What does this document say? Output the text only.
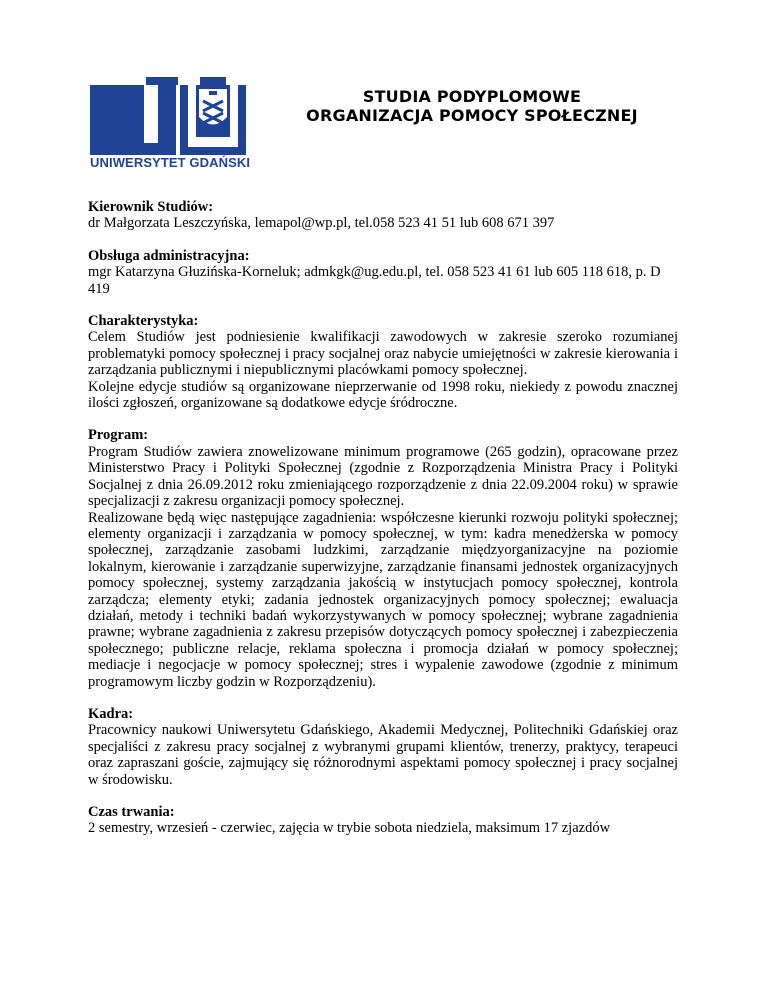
UNIWERSYTET GDAŃSKI
STUDIA PODYPLOMOWE
ORGANIZACJA POMOCY SPOŁECZNEJ
Kierownik Studiów:

dr Małgorzata Leszczyńska, lemapol@wp.pl, tel.058 523 41 51 lub 608 671 397

Obsługa administracyjna:

mgr Katarzyna Głuzińska-Korneluk; admkgk@ug.edu.pl, tel. 058 523 41 61 lub 605 118 618, p. D 419

Charakterystyka:

Celem Studiów jest podniesienie kwalifikacji zawodowych w zakresie szeroko rozumianej problematyki pomocy społecznej i pracy socjalnej oraz nabycie umiejętności w zakresie kierowania i zarządzania publicznymi i niepublicznymi placówkami pomocy społecznej.

Kolejne edycje studiów są organizowane nieprzerwanie od 1998 roku, niekiedy z powodu znacznej ilości zgłoszeń, organizowane są dodatkowe edycje śródroczne.

Program:

Program Studiów zawiera znowelizowane minimum programowe (265 godzin), opracowane przez Ministerstwo Pracy i Polityki Społecznej (zgodnie z Rozporządzenia Ministra Pracy i Polityki Socjalnej z dnia 26.09.2012 roku zmieniającego rozporządzenie z dnia 22.09.2004 roku) w sprawie specjalizacji z zakresu organizacji pomocy społecznej.

Realizowane będą więc następujące zagadnienia: współczesne kierunki rozwoju polityki społecznej; elementy organizacji i zarządzania w pomocy społecznej, w tym: kadra menedżerska w pomocy społecznej, zarządzanie zasobami ludzkimi, zarządzanie międzyorganizacyjne na poziomie lokalnym, kierowanie i zarządzanie superwizyjne, zarządzanie finansami jednostek organizacyjnych pomocy społecznej, systemy zarządzania jakością w instytucjach pomocy społecznej, kontrola zarządcza; elementy etyki; zadania jednostek organizacyjnych pomocy społecznej; ewaluacja działań, metody i techniki badań wykorzystywanych w pomocy społecznej; wybrane zagadnienia prawne; wybrane zagadnienia z zakresu przepisów dotyczących pomocy społecznej i zabezpieczenia społecznego; publiczne relacje, reklama społeczna i promocja działań w pomocy społecznej; mediacje i negocjacje w pomocy społecznej; stres i wypalenie zawodowe (zgodnie z minimum programowym liczby godzin w Rozporządzeniu).

Kadra:

Pracownicy naukowi Uniwersytetu Gdańskiego, Akademii Medycznej, Politechniki Gdańskiej oraz specjaliści z zakresu pracy socjalnej z wybranymi grupami klientów, trenerzy, praktycy, terapeuci oraz zapraszani goście, zajmujący się różnorodnymi aspektami pomocy społecznej i pracy socjalnej w środowisku.

Czas trwania:

2 semestry, wrzesień - czerwiec, zajęcia w trybie sobota niedziela, maksimum 17 zjazdów
